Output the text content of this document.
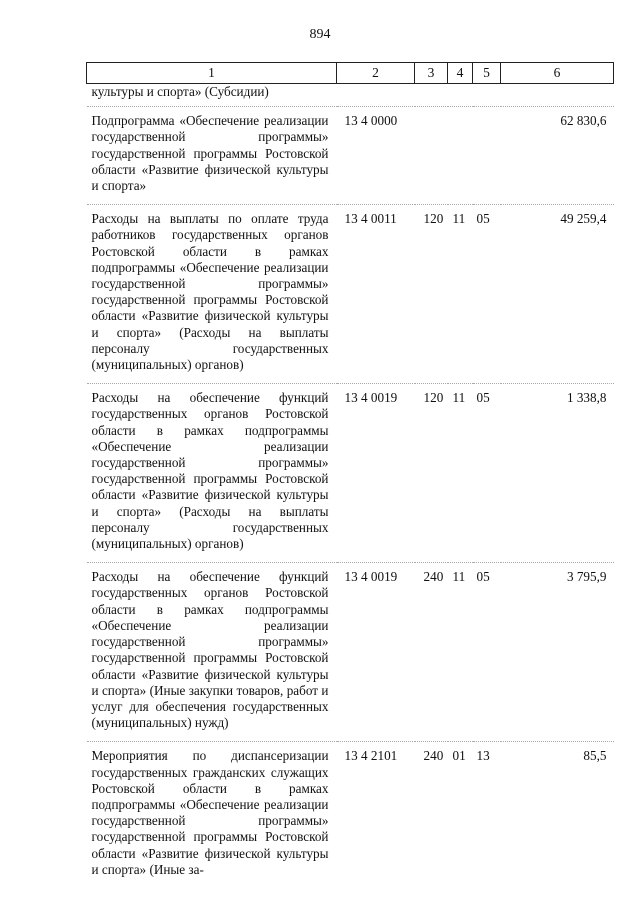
894
1	2	3	4	5	6
культуры и спорта» (Субсидии)					

Подпрограмма «Обеспечение реализации государственной программы» государственной программы Ростовской области «Развитие физической культуры и спорта»	13 4 0000				62 830,6

Расходы на выплаты по оплате труда работников государственных органов Ростовской области в рамках подпрограммы «Обеспечение реализации государственной программы» государственной программы Ростовской области «Развитие физической культуры и спорта» (Расходы на выплаты персоналу государственных (муниципальных) органов)	13 4 0011	120	11	05	49 259,4

Расходы на обеспечение функций государственных органов Ростовской области в рамках подпрограммы «Обеспечение реализации государственной программы» государственной программы Ростовской области «Развитие физической культуры и спорта» (Расходы на выплаты персоналу государственных (муниципальных) органов)	13 4 0019	120	11	05	1 338,8

Расходы на обеспечение функций государственных органов Ростовской области в рамках подпрограммы «Обеспечение реализации государственной программы» государственной программы Ростовской области «Развитие физической культуры и спорта» (Иные закупки товаров, работ и услуг для обеспечения государственных (муниципальных) нужд)	13 4 0019	240	11	05	3 795,9

Мероприятия по диспансеризации государственных гражданских служащих Ростовской области в рамках подпрограммы «Обеспечение реализации государственной программы» государственной программы Ростовской области «Развитие физической культуры и спорта» (Иные за-	13 4 2101	240	01	13	85,5
